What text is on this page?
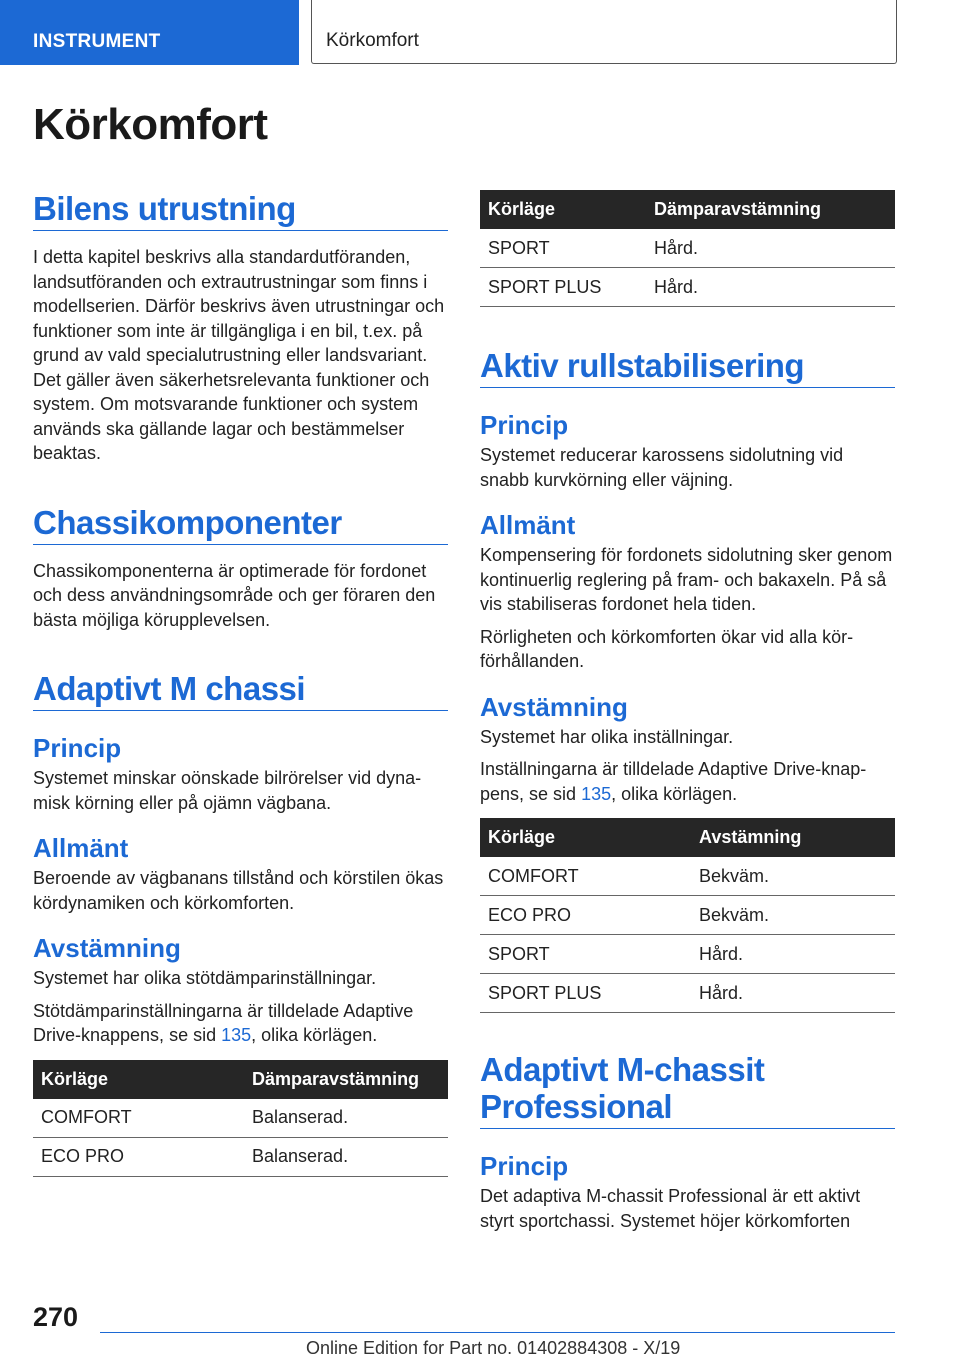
INSTRUMENT	Körkomfort
Körkomfort
Bilens utrustning

I detta kapitel beskrivs alla standardutföranden, landsutföranden och extrautrustningar som finns i modellserien. Därför beskrivs även utrustningar och funktioner som inte är tillgängliga i en bil, t.ex. på grund av vald specialutrustning eller landsvariant. Det gäller även säkerhetsrelevanta funktioner och system. Om motsvarande funktioner och system används ska gällande lagar och bestämmelser beaktas.

Chassikomponenter

Chassikomponenterna är optimerade för fordonet och dess användningsområde och ger föraren den bästa möjliga körupplevelsen.

Adaptivt M chassi
Princip

Systemet minskar oönskade bilrörelser vid dynamisk körning eller på ojämn vägbana.

Allmänt

Beroende av vägbanans tillstånd och körstilen ökas kördynamiken och körkomforten.

Avstämning

Systemet har olika stötdämparinställningar.

Stötdämparinställningarna är tilldelade Adaptive Drive-knappens, se sid 135, olika körlägen.

Körläge	Dämparavstämning
COMFORT	Balanserad.
ECO PRO	Balanserad.
Körläge	Dämparavstämning
SPORT	Hård.
SPORT PLUS	Hård.
Aktiv rullstabilisering
Princip

Systemet reducerar karossens sidolutning vid snabb kurvkörning eller väjning.

Allmänt

Kompensering för fordonets sidolutning sker genom kontinuerlig reglering på fram- och bakaxeln. På så vis stabiliseras fordonet hela tiden.

Rörligheten och körkomforten ökar vid alla körförhållanden.

Avstämning

Systemet har olika inställningar.

Inställningarna är tilldelade Adaptive Drive-knappens, se sid 135, olika körlägen.

Körläge	Avstämning
COMFORT	Bekväm.
ECO PRO	Bekväm.
SPORT	Hård.
SPORT PLUS	Hård.
Adaptivt M-chassit Professional
Princip

Det adaptiva M-chassit Professional är ett aktivt styrt sportchassi. Systemet höjer körkomforten

270
Online Edition for Part no. 01402884308 - X/19
